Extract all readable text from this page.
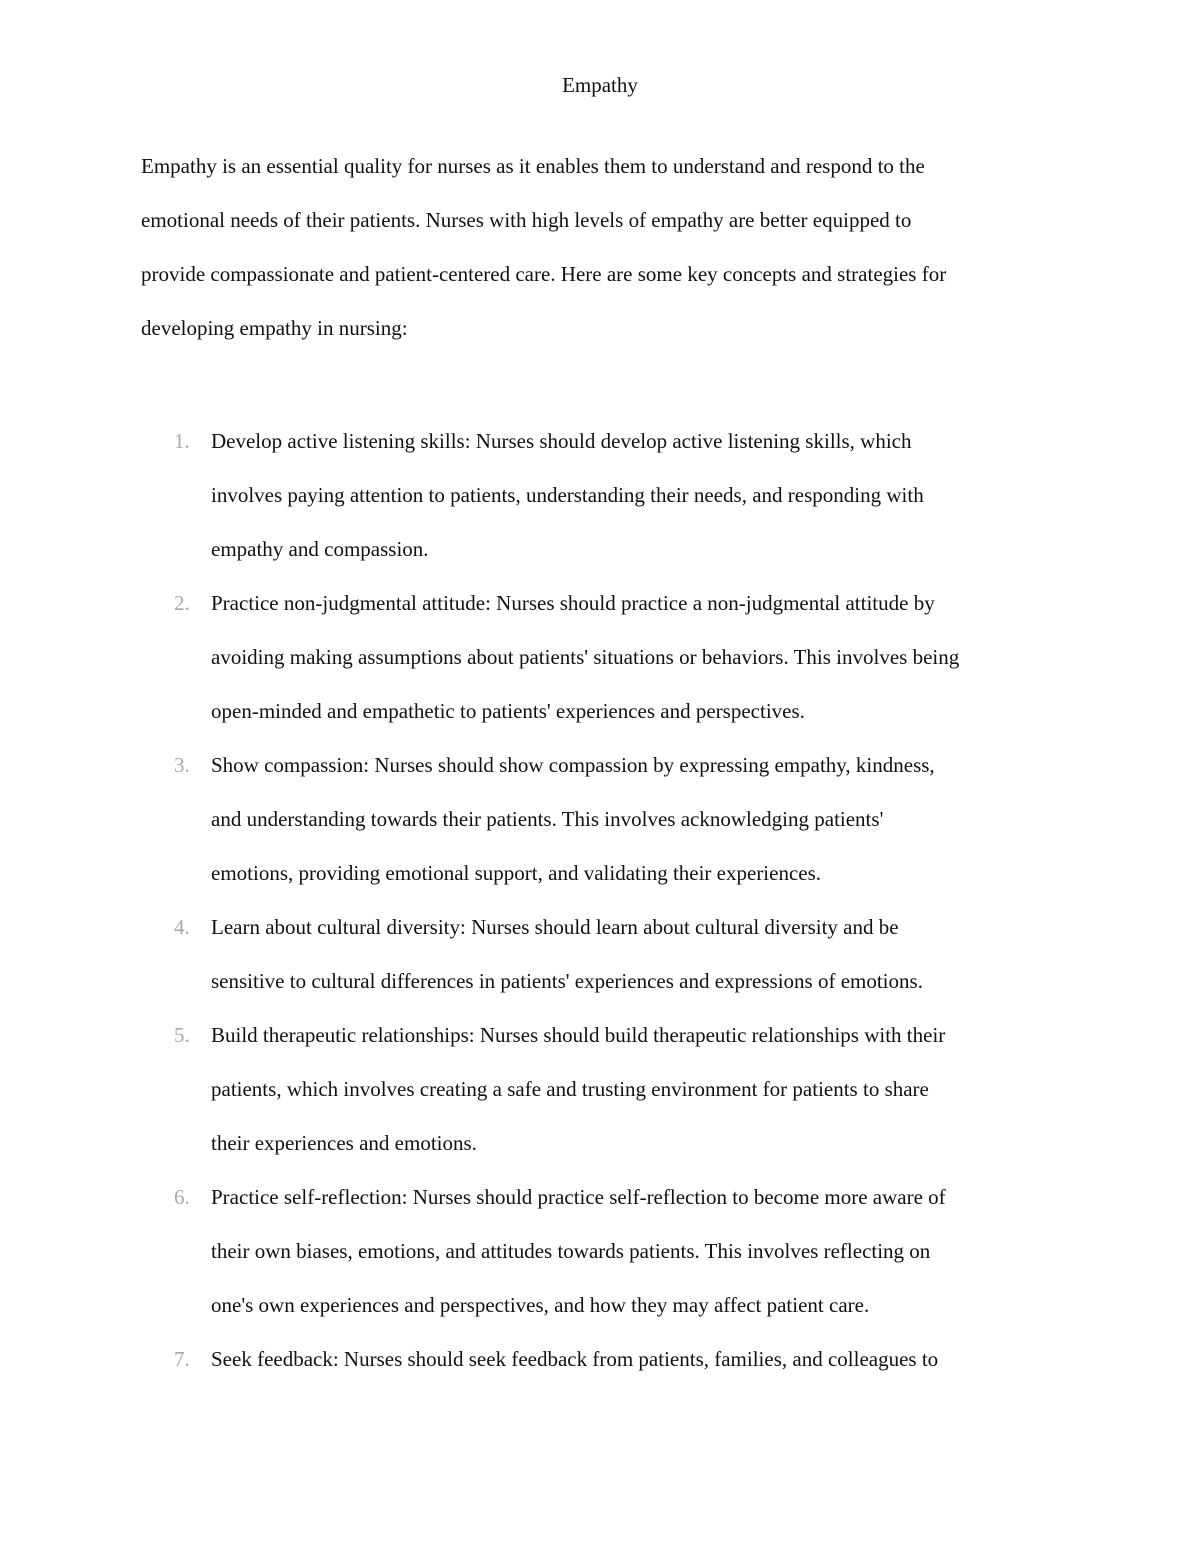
Empathy

Empathy is an essential quality for nurses as it enables them to understand and respond to the
emotional needs of their patients. Nurses with high levels of empathy are better equipped to
provide compassionate and patient-centered care. Here are some key concepts and strategies for
developing empathy in nursing:

1. Develop active listening skills: Nurses should develop active listening skills, which
involves paying attention to patients, understanding their needs, and responding with
empathy and compassion.
2. Practice non-judgmental attitude: Nurses should practice a non-judgmental attitude by
avoiding making assumptions about patients' situations or behaviors. This involves being
open-minded and empathetic to patients' experiences and perspectives.
3. Show compassion: Nurses should show compassion by expressing empathy, kindness,
and understanding towards their patients. This involves acknowledging patients'
emotions, providing emotional support, and validating their experiences.
4. Learn about cultural diversity: Nurses should learn about cultural diversity and be
sensitive to cultural differences in patients' experiences and expressions of emotions.
5. Build therapeutic relationships: Nurses should build therapeutic relationships with their
patients, which involves creating a safe and trusting environment for patients to share
their experiences and emotions.
6. Practice self-reflection: Nurses should practice self-reflection to become more aware of
their own biases, emotions, and attitudes towards patients. This involves reflecting on
one's own experiences and perspectives, and how they may affect patient care.
7. Seek feedback: Nurses should seek feedback from patients, families, and colleagues to
